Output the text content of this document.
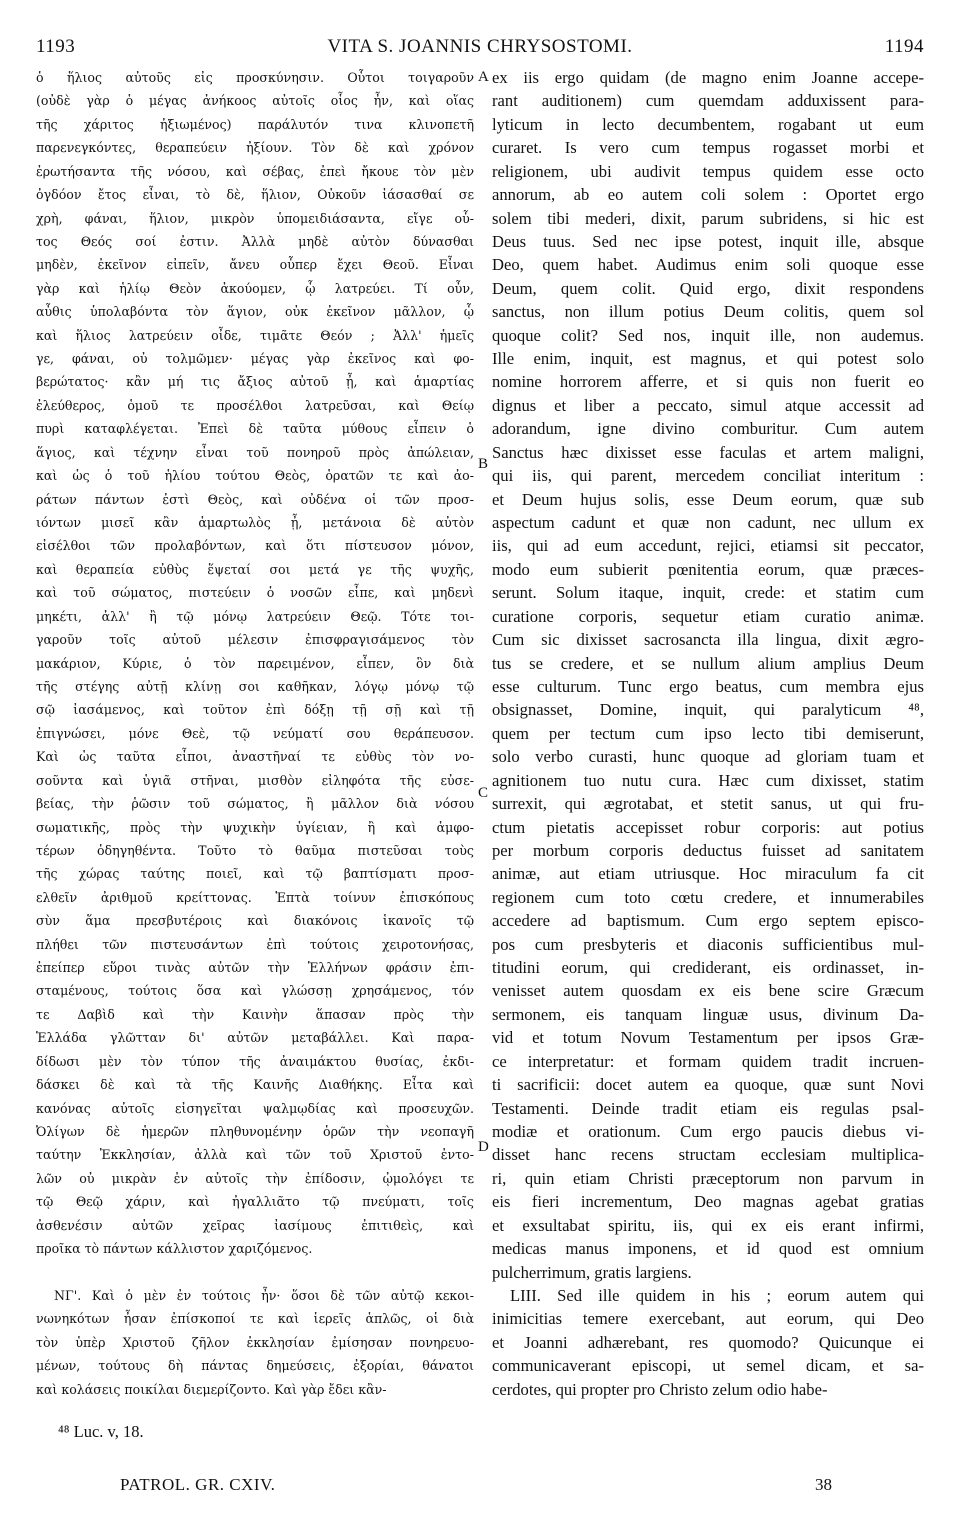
1193	VITA S. JOANNIS CHRYSOSTOMI.	1194
ὁ ἥλιος αὐτοῦς εἰς προσκύνησιν. Οὗτοι τοιγαροῦν
(οὐδὲ γὰρ ὁ μέγας ἀνήκοος αὐτοῖς οἷος ἦν, καὶ οἵας
τῆς χάριτος ἠξιωμένος) παράλυτόν τινα κλινοπετῆ
παρενεγκόντες, θεραπεύειν ἠξίουν. Τὸν δὲ καὶ χρόνον
ἐρωτήσαντα τῆς νόσου, καὶ σέβας, ἐπεὶ ἤκουε τὸν μὲν
ὀγδόον ἔτος εἶναι, τὸ δὲ, ἥλιον, Οὐκοῦν ἰάσασθαί σε
χρὴ, φάναι, ἥλιον, μικρὸν ὑπομειδιάσαντα, εἴγε οὗ-
τος Θεός σοί ἐστιν. Ἀλλὰ μηδὲ αὐτὸν δύνασθαι
μηδὲν, ἐκεῖνον εἰπεῖν, ἄνευ οὗπερ ἔχει Θεοῦ. Εἶναι
γὰρ καὶ ἡλίῳ Θεὸν ἀκούομεν, ᾧ λατρεύει. Τί οὖν,
αὖθις ὑπολαβόντα τὸν ἅγιον, οὐκ ἐκεῖνον μᾶλλον, ᾧ
καὶ ἥλιος λατρεύειν οἶδε, τιμᾶτε Θεόν ; Ἀλλ' ἡμεῖς
γε, φάναι, οὐ τολμῶμεν· μέγας γὰρ ἐκεῖνος καὶ φο-
βερώτατος· κἂν μή τις ἄξιος αὐτοῦ ᾖ, καὶ ἁμαρτίας
ἐλεύθερος, ὁμοῦ τε προσέλθοι λατρεῦσαι, καὶ Θείῳ
πυρὶ καταφλέγεται. Ἐπεὶ δὲ ταῦτα μύθους εἶπειν ὁ
ἅγιος, καὶ τέχνην εἶναι τοῦ πονηροῦ πρὸς ἀπώλειαν,
καὶ ὡς ὁ τοῦ ἡλίου τούτου Θεὸς, ὁρατῶν τε καὶ ἀο-
ράτων πάντων ἐστὶ Θεὸς, καὶ οὐδένα οἱ τῶν προσ-
ιόντων μισεῖ κἂν ἁμαρτωλὸς ᾖ, μετάνοια δὲ αὐτὸν
εἰσέλθοι τῶν προλαβόντων, καὶ ὅτι πίστευσον μόνον,
καὶ θεραπεία εὐθὺς ἕψεταί σοι μετά γε τῆς ψυχῆς,
καὶ τοῦ σώματος, πιστεύειν ὁ νοσῶν εἶπε, καὶ μηδενὶ
μηκέτι, ἀλλ' ἢ τῷ μόνῳ λατρεύειν Θεῷ. Τότε τοι-
γαροῦν τοῖς αὐτοῦ μέλεσιν ἐπισφραγισάμενος τὸν
μακάριον, Κύριε, ὁ τὸν παρειμένον, εἶπεν, ὃν διὰ
τῆς στέγης αὐτῇ κλίνῃ σοι καθῆκαν, λόγῳ μόνῳ τῷ
σῷ ἰασάμενος, καὶ τοῦτον ἐπὶ δόξῃ τῇ σῇ καὶ τῇ
ἐπιγνώσει, μόνε Θεὲ, τῷ νεύματί σου θεράπευσον.
Καὶ ὡς ταῦτα εἶποι, ἀναστῆναί τε εὐθὺς τὸν νο-
σοῦντα καὶ ὑγιᾶ στῆναι, μισθὸν εἰληφότα τῆς εὐσε-
βείας, τὴν ῥῶσιν τοῦ σώματος, ἢ μᾶλλον διὰ νόσου
σωματικῆς, πρὸς τὴν ψυχικὴν ὑγίειαν, ἢ καὶ ἀμφο-
τέρων ὁδηγηθέντα. Τοῦτο τὸ θαῦμα πιστεῦσαι τοὺς
τῆς χώρας ταύτης ποιεῖ, καὶ τῷ βαπτίσματι προσ-
ελθεῖν ἀριθμοῦ κρείττονας. Ἑπτὰ τοίνυν ἐπισκόπους
σὺν ἅμα πρεσβυτέροις καὶ διακόνοις ἱκανοῖς τῷ
πλήθει τῶν πιστευσάντων ἐπὶ τούτοις χειροτονήσας,
ἐπείπερ εὕροι τινὰς αὐτῶν τὴν Ἑλλήνων φράσιν ἐπι-
σταμένους, τούτοις ὅσα καὶ γλώσσῃ χρησάμενος, τόν
τε Δαβὶδ καὶ τὴν Καινὴν ἅπασαν πρὸς τὴν
Ἑλλάδα γλῶτταν δι' αὐτῶν μεταβάλλει. Καὶ παρα-
δίδωσι μὲν τὸν τύπον τῆς ἀναιμάκτου θυσίας, ἐκδι-
δάσκει δὲ καὶ τὰ τῆς Καινῆς Διαθήκης. Εἶτα καὶ
κανόνας αὐτοῖς εἰσηγεῖται ψαλμῳδίας καὶ προσευχῶν.
Ὀλίγων δὲ ἡμερῶν πληθυνομένην ὁρῶν τὴν νεοπαγῆ
ταύτην Ἐκκλησίαν, ἀλλὰ καὶ τῶν τοῦ Χριστοῦ ἐντο-
λῶν οὐ μικρὰν ἐν αὐτοῖς τὴν ἐπίδοσιν, ᾠμολόγει τε
τῷ Θεῷ χάριν, καὶ ἠγαλλιᾶτο τῷ πνεύματι, τοῖς
ἀσθενέσιν αὐτῶν χεῖρας ἰασίμους ἐπιτιθεὶς, καὶ
προῖκα τὸ πάντων κάλλιστον χαριζόμενος.
ΝΓ'. Καὶ ὁ μὲν ἐν τούτοις ἦν· ὅσοι δὲ τῶν αὐτῷ κεκοι-
νωνηκότων ἦσαν ἐπίσκοποί τε καὶ ἱερεῖς ἁπλῶς, οἱ διὰ
τὸν ὑπὲρ Χριστοῦ ζῆλον ἐκκλησίαν ἐμίσησαν πονηρευο-
μένων, τούτους δὴ πάντας δημεύσεις, ἐξορίαι, θάνατοι
καὶ κολάσεις ποικίλαι διεμερίζοντο. Καὶ γὰρ ἔδει κἂν-
ex iis ergo quidam (de magno enim Joanne accepe-
rant auditionem) cum quemdam adduxissent para-
lyticum in lecto decumbentem, rogabant ut eum
curaret. Is vero cum tempus rogasset morbi et
religionem, ubi audivit tempus quidem esse octo
annorum, ab eo autem coli solem : Oportet ergo
solem tibi mederi, dixit, parum subridens, si hic est
Deus tuus. Sed nec ipse potest, inquit ille, absque
Deo, quem habet. Audimus enim soli quoque esse
Deum, quem colit. Quid ergo, dixit respondens
sanctus, non illum potius Deum colitis, quem sol
quoque colit? Sed nos, inquit ille, non audemus.
Ille enim, inquit, est magnus, et qui potest solo
nomine horrorem afferre, et si quis non fuerit eo
dignus et liber a peccato, simul atque accessit ad
adorandum, igne divino comburitur. Cum autem
Sanctus hæc dixisset esse faculas et artem maligni,
qui iis, qui parent, mercedem conciliat interitum :
et Deum hujus solis, esse Deum eorum, quæ sub
aspectum cadunt et quæ non cadunt, nec ullum ex
iis, qui ad eum accedunt, rejici, etiamsi sit peccator,
modo eum subierit pœnitentia eorum, quæ præces-
serunt. Solum itaque, inquit, crede: et statim cum
curatione corporis, sequetur etiam curatio animæ.
Cum sic dixisset sacrosancta illa lingua, dixit ægro-
tus se credere, et se nullum alium amplius Deum
esse culturum. Tunc ergo beatus, cum membra ejus
obsignasset, Domine, inquit, qui paralyticum ⁴⁸,
quem per tectum cum ipso lecto tibi demiserunt,
solo verbo curasti, hunc quoque ad gloriam tuam et
agnitionem tuo nutu cura. Hæc cum dixisset, statim
surrexit, qui ægrotabat, et stetit sanus, ut qui fru-
ctum pietatis accepisset robur corporis: aut potius
per morbum corporis deductus fuisset ad sanitatem
animæ, aut etiam utriusque. Hoc miraculum fa cit
regionem cum toto cœtu credere, et innumerabiles
accedere ad baptismum. Cum ergo septem episco-
pos cum presbyteris et diaconis sufficientibus mul-
titudini eorum, qui crediderant, eis ordinasset, in-
venisset autem quosdam ex eis bene scire Græcum
sermonem, eis tanquam linguæ usus, divinum Da-
vid et totum Novum Testamentum per ipsos Græ-
ce interpretatur: et formam quidem tradit incruen-
ti sacrificii: docet autem ea quoque, quæ sunt Novi
Testamenti. Deinde tradit etiam eis regulas psal-
modiæ et orationum. Cum ergo paucis diebus vi-
disset hanc recens structam ecclesiam multiplica-
ri, quin etiam Christi præceptorum non parvum in
eis fieri incrementum, Deo magnas agebat gratias
et exsultabat spiritu, iis, qui ex eis erant infirmi,
medicas manus imponens, et id quod est omnium
pulcherrimum, gratis largiens.
LIII. Sed ille quidem in his ; eorum autem qui
inimicitias temere exercebant, aut eorum, qui Deo
et Joanni adhærebant, res quomodo? Quicunque ei
communicaverant episcopi, ut semel dicam, et sa-
cerdotes, qui propter pro Christo zelum odio habe-
A
B
C
D
⁴⁸ Luc. v, 18.
PATROL. GR. CXIV.	38
